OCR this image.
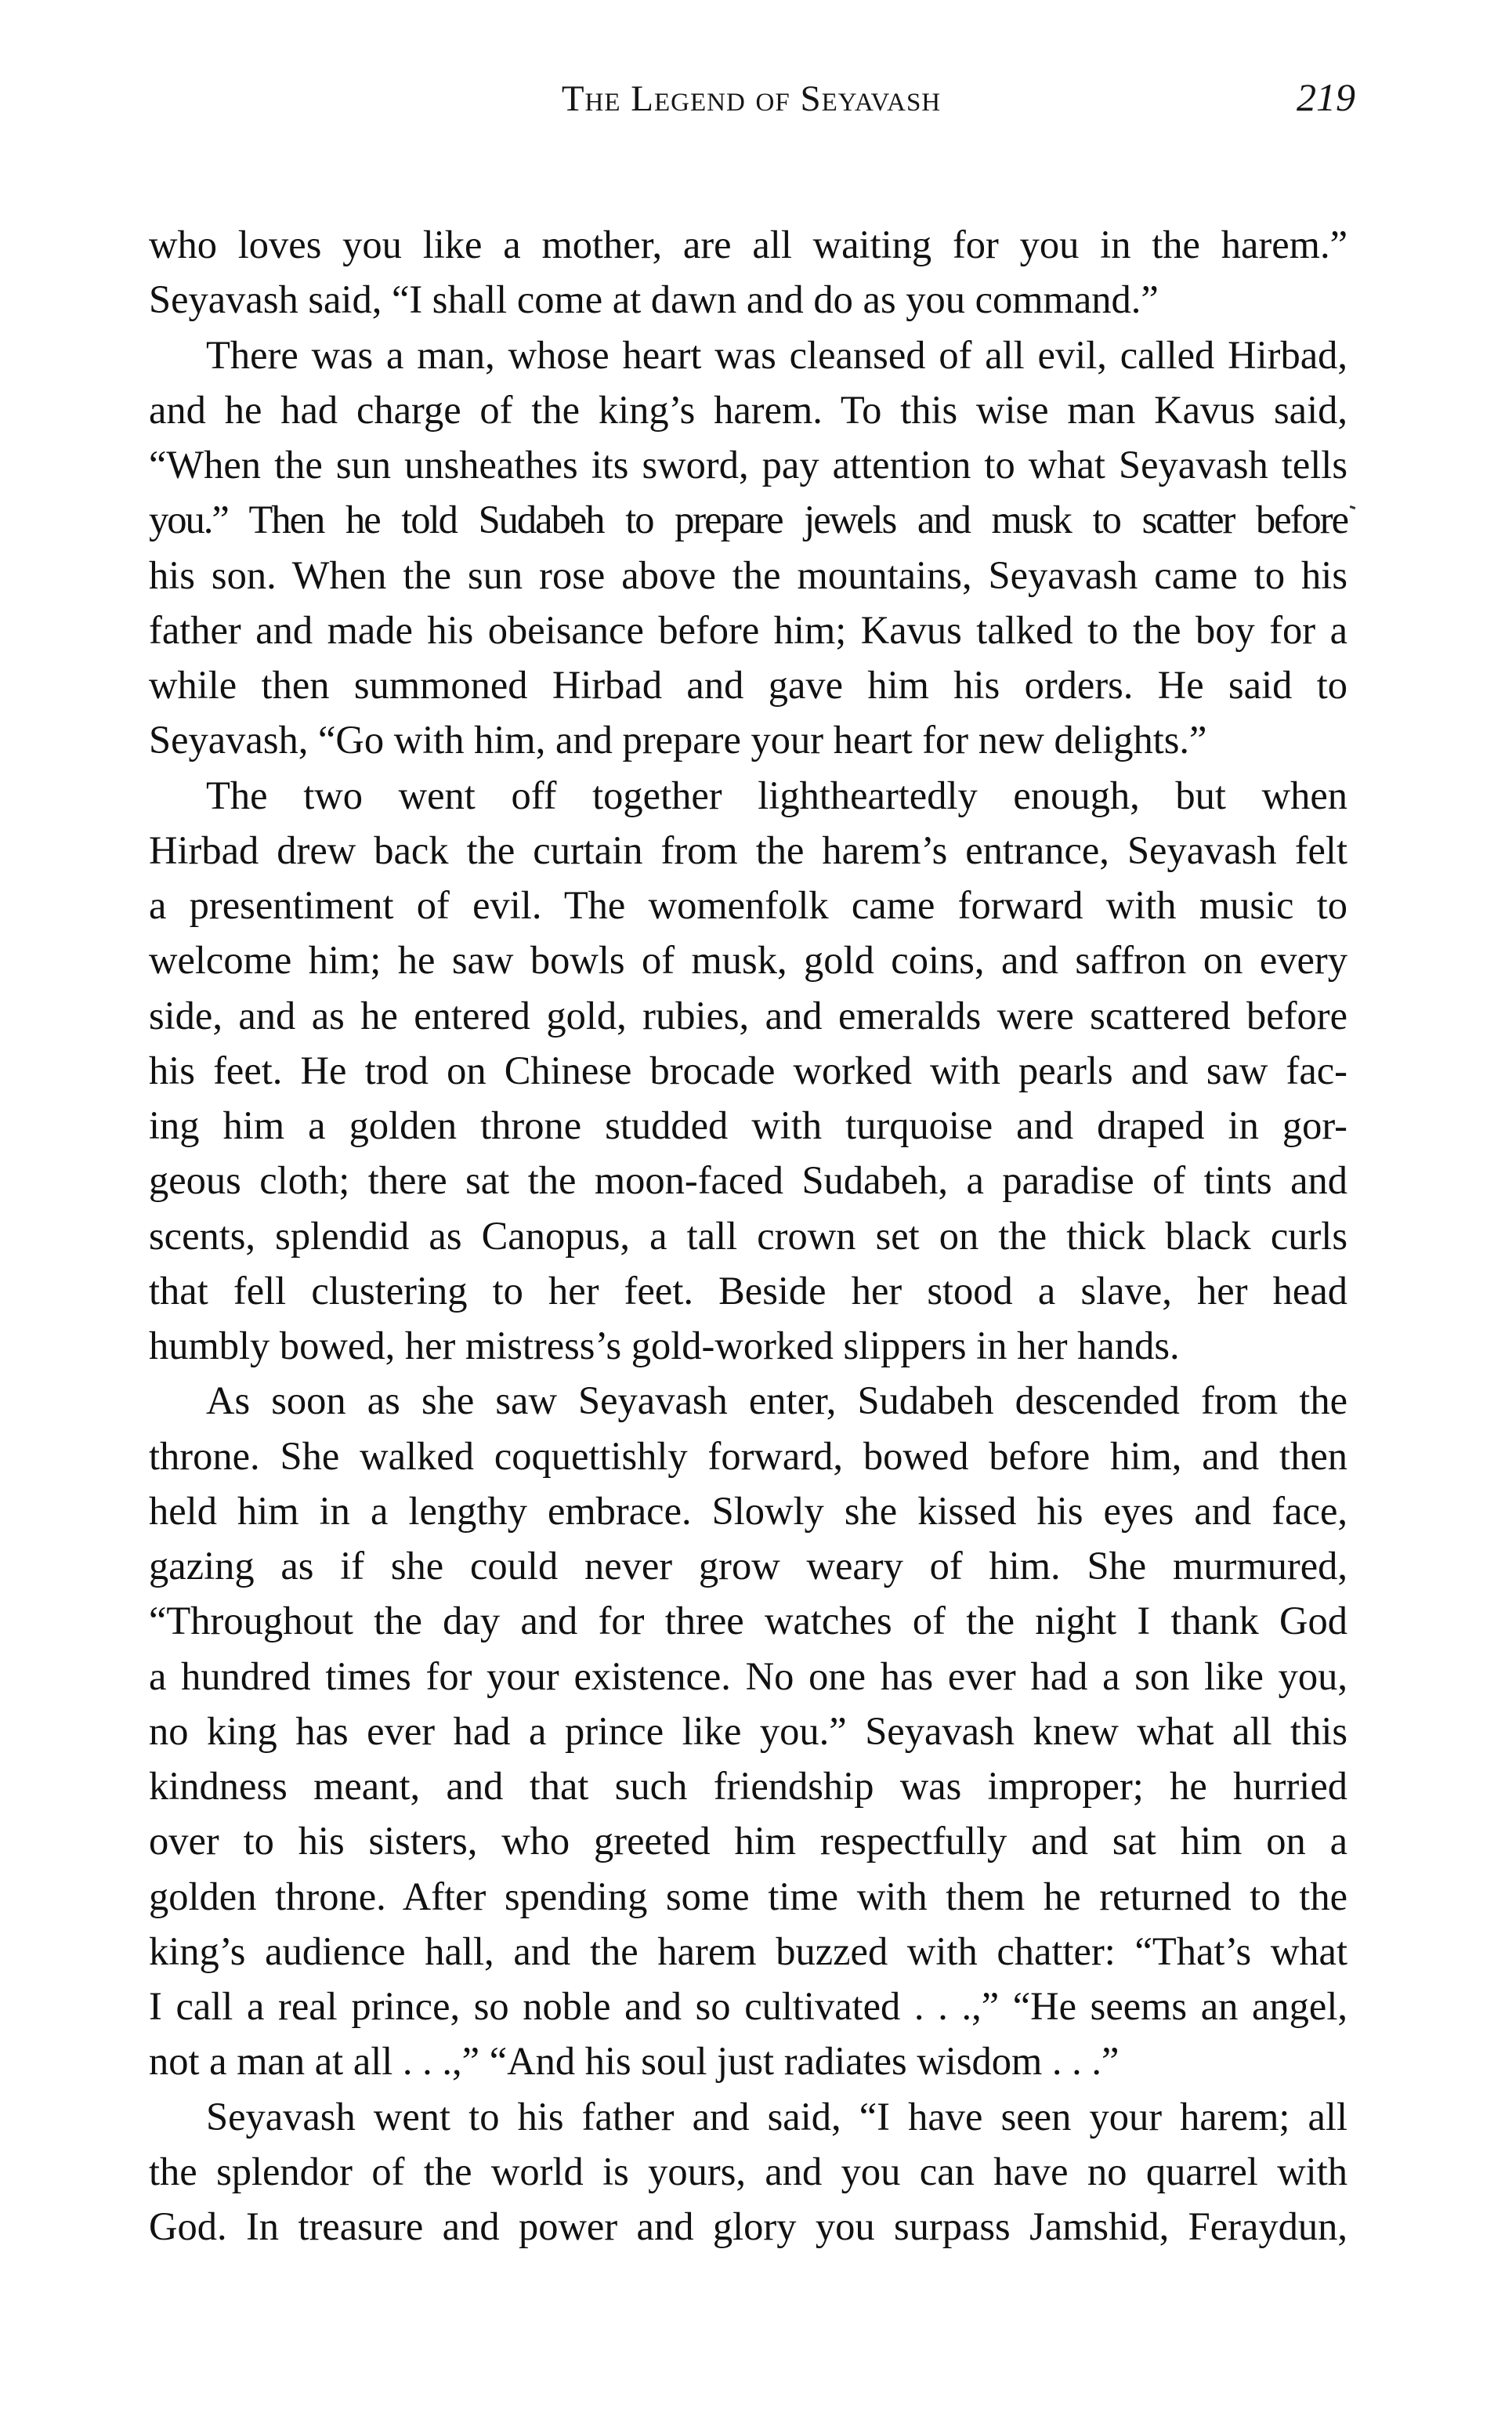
The Legend of Seyavash	219
who loves you like a mother, are all waiting for you in the harem.”
Seyavash said, “I shall come at dawn and do as you command.”
There was a man, whose heart was cleansed of all evil, called Hirbad,
and he had charge of the king’s harem. To this wise man Kavus said,
“When the sun unsheathes its sword, pay attention to what Seyavash tells
you.” Then he told Sudabeh to prepare jewels and musk to scatter before
his son. When the sun rose above the mountains, Seyavash came to his
father and made his obeisance before him; Kavus talked to the boy for a
while then summoned Hirbad and gave him his orders. He said to
Seyavash, “Go with him, and prepare your heart for new delights.”
The two went off together lightheartedly enough, but when
Hirbad drew back the curtain from the harem’s entrance, Seyavash felt
a presentiment of evil. The womenfolk came forward with music to
welcome him; he saw bowls of musk, gold coins, and saffron on every
side, and as he entered gold, rubies, and emeralds were scattered before
his feet. He trod on Chinese brocade worked with pearls and saw fac-
ing him a golden throne studded with turquoise and draped in gor-
geous cloth; there sat the moon-faced Sudabeh, a paradise of tints and
scents, splendid as Canopus, a tall crown set on the thick black curls
that fell clustering to her feet. Beside her stood a slave, her head
humbly bowed, her mistress’s gold-worked slippers in her hands.
As soon as she saw Seyavash enter, Sudabeh descended from the
throne. She walked coquettishly forward, bowed before him, and then
held him in a lengthy embrace. Slowly she kissed his eyes and face,
gazing as if she could never grow weary of him. She murmured,
“Throughout the day and for three watches of the night I thank God
a hundred times for your existence. No one has ever had a son like you,
no king has ever had a prince like you.” Seyavash knew what all this
kindness meant, and that such friendship was improper; he hurried
over to his sisters, who greeted him respectfully and sat him on a
golden throne. After spending some time with them he returned to the
king’s audience hall, and the harem buzzed with chatter: “That’s what
I call a real prince, so noble and so cultivated . . .,” “He seems an angel,
not a man at all . . .,” “And his soul just radiates wisdom . . .”
Seyavash went to his father and said, “I have seen your harem; all
the splendor of the world is yours, and you can have no quarrel with
God. In treasure and power and glory you surpass Jamshid, Feraydun,
